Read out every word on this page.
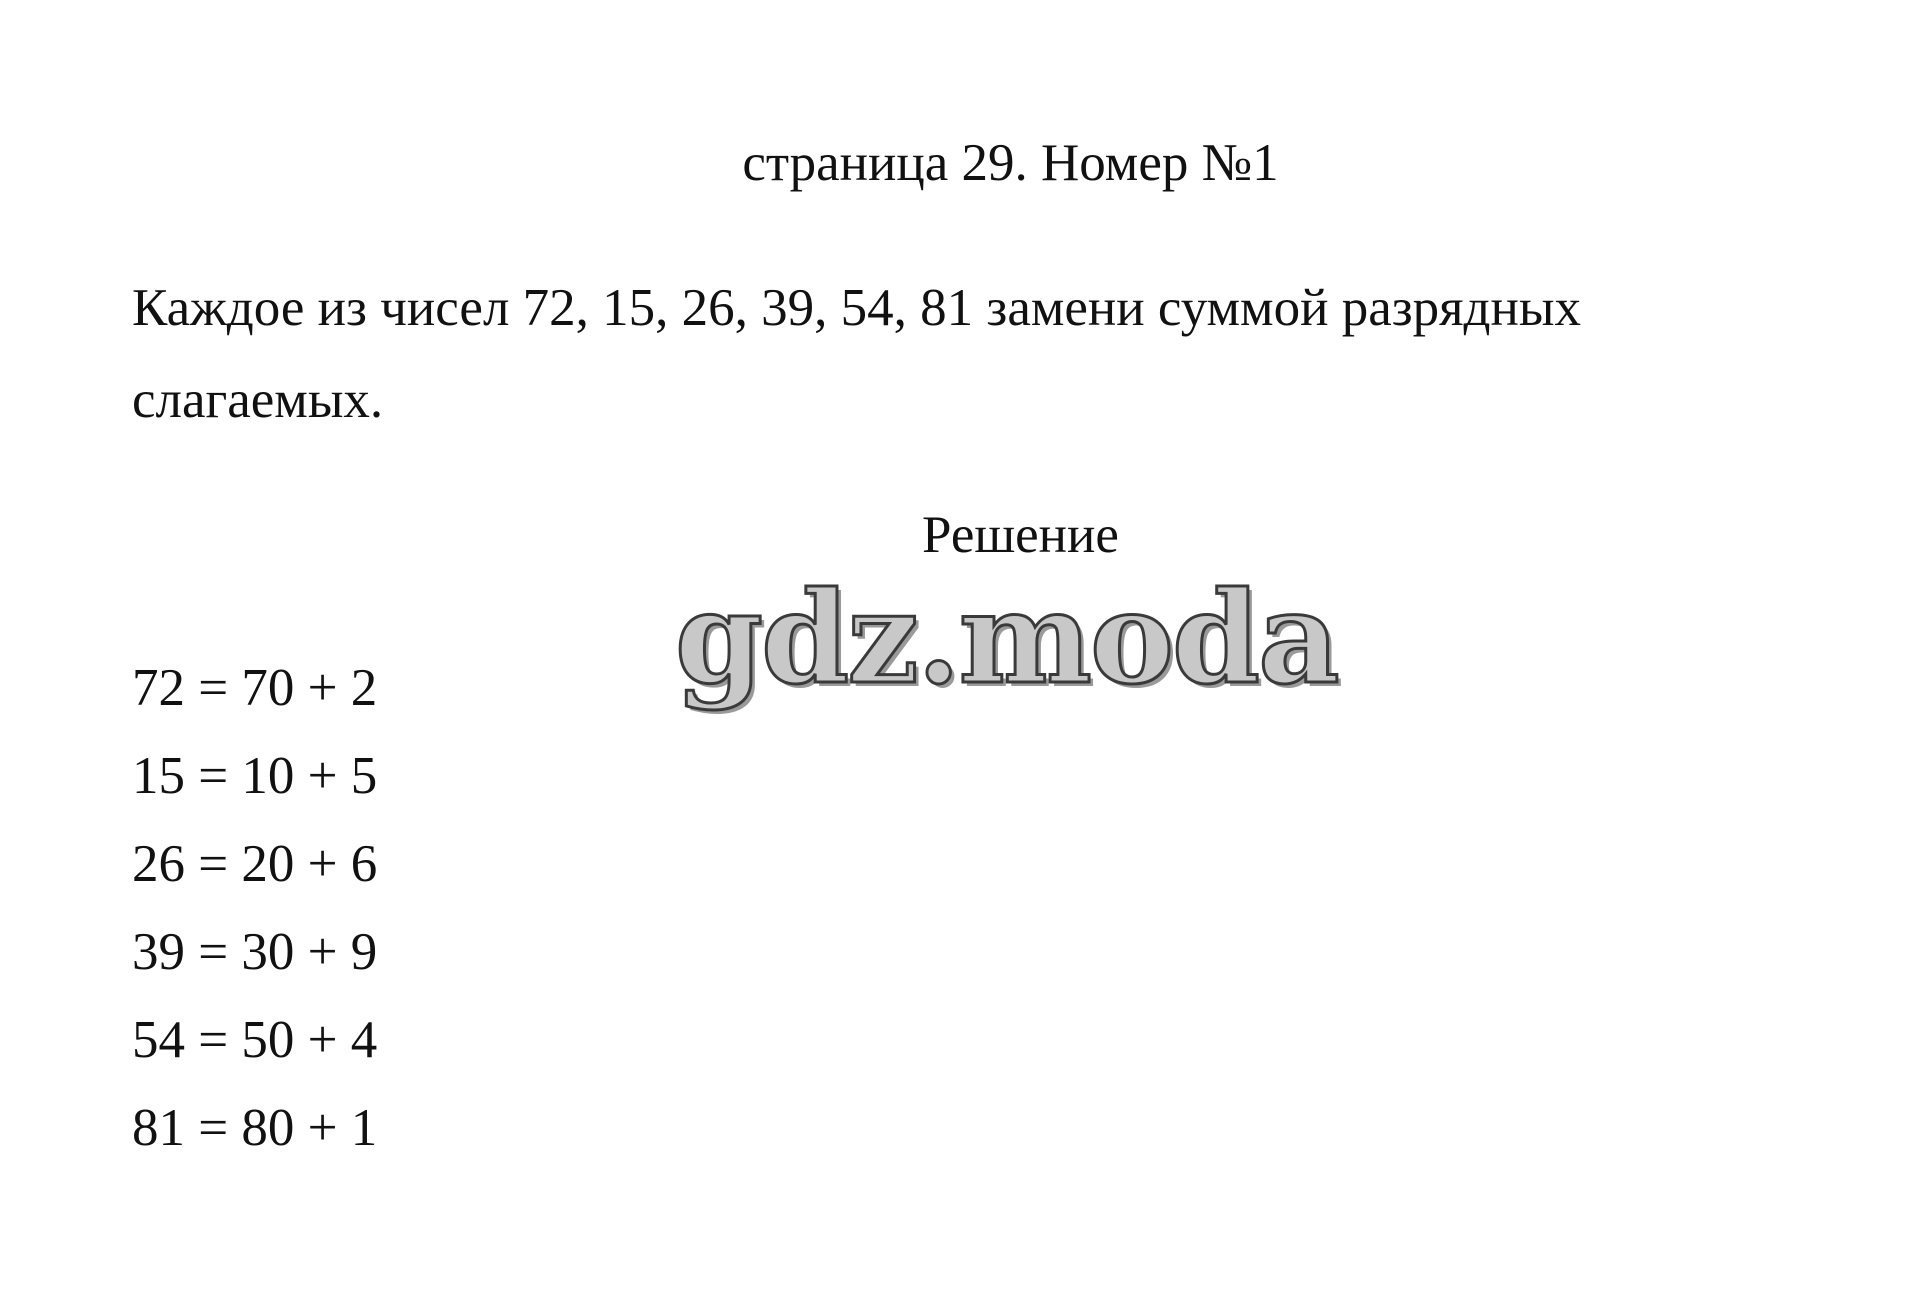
страница 29. Номер №1
Каждое из чисел 72, 15, 26, 39, 54, 81 замени суммой разрядных слагаемых.
Решение
gdz.moda
72 = 70 + 2
15 = 10 + 5
26 = 20 + 6
39 = 30 + 9
54 = 50 + 4
81 = 80 + 1
